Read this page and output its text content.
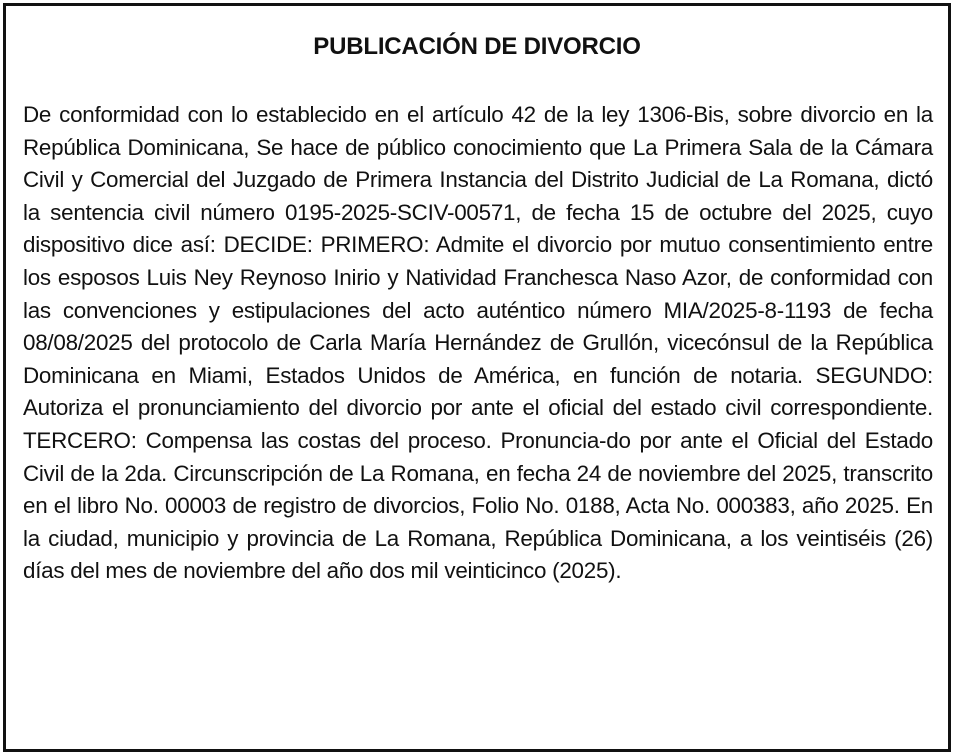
PUBLICACIÓN DE DIVORCIO
De conformidad con lo establecido en el artículo 42 de la ley 1306-Bis, sobre divorcio en la República Dominicana, Se hace de público conocimiento que La Primera Sala de la Cámara Civil y Comercial del Juzgado de Primera Instancia del Distrito Judicial de La Romana, dictó la sentencia civil número 0195-2025-SCIV-00571, de fecha 15 de octubre del 2025, cuyo dispositivo dice así: DECIDE: PRIMERO: Admite el divorcio por mutuo consentimiento entre los esposos Luis Ney Reynoso Inirio y Natividad Franchesca Naso Azor, de conformidad con las convenciones y estipulaciones del acto auténtico número MIA/2025-8-1193 de fecha 08/08/2025 del protocolo de Carla María Hernández de Grullón, vicecónsul de la República Dominicana en Miami, Estados Unidos de América, en función de notaria. SEGUNDO: Autoriza el pronunciamiento del divorcio por ante el oficial del estado civil correspondiente. TERCERO: Compensa las costas del proceso. Pronuncia-do por ante el Oficial del Estado Civil de la 2da. Circunscripción de La Romana, en fecha 24 de noviembre del 2025, transcrito en el libro No. 00003 de registro de divorcios, Folio No. 0188, Acta No. 000383, año 2025. En la ciudad, municipio y provincia de La Romana, República Dominicana, a los veintiséis (26) días del mes de noviembre del año dos mil veinticinco (2025).
